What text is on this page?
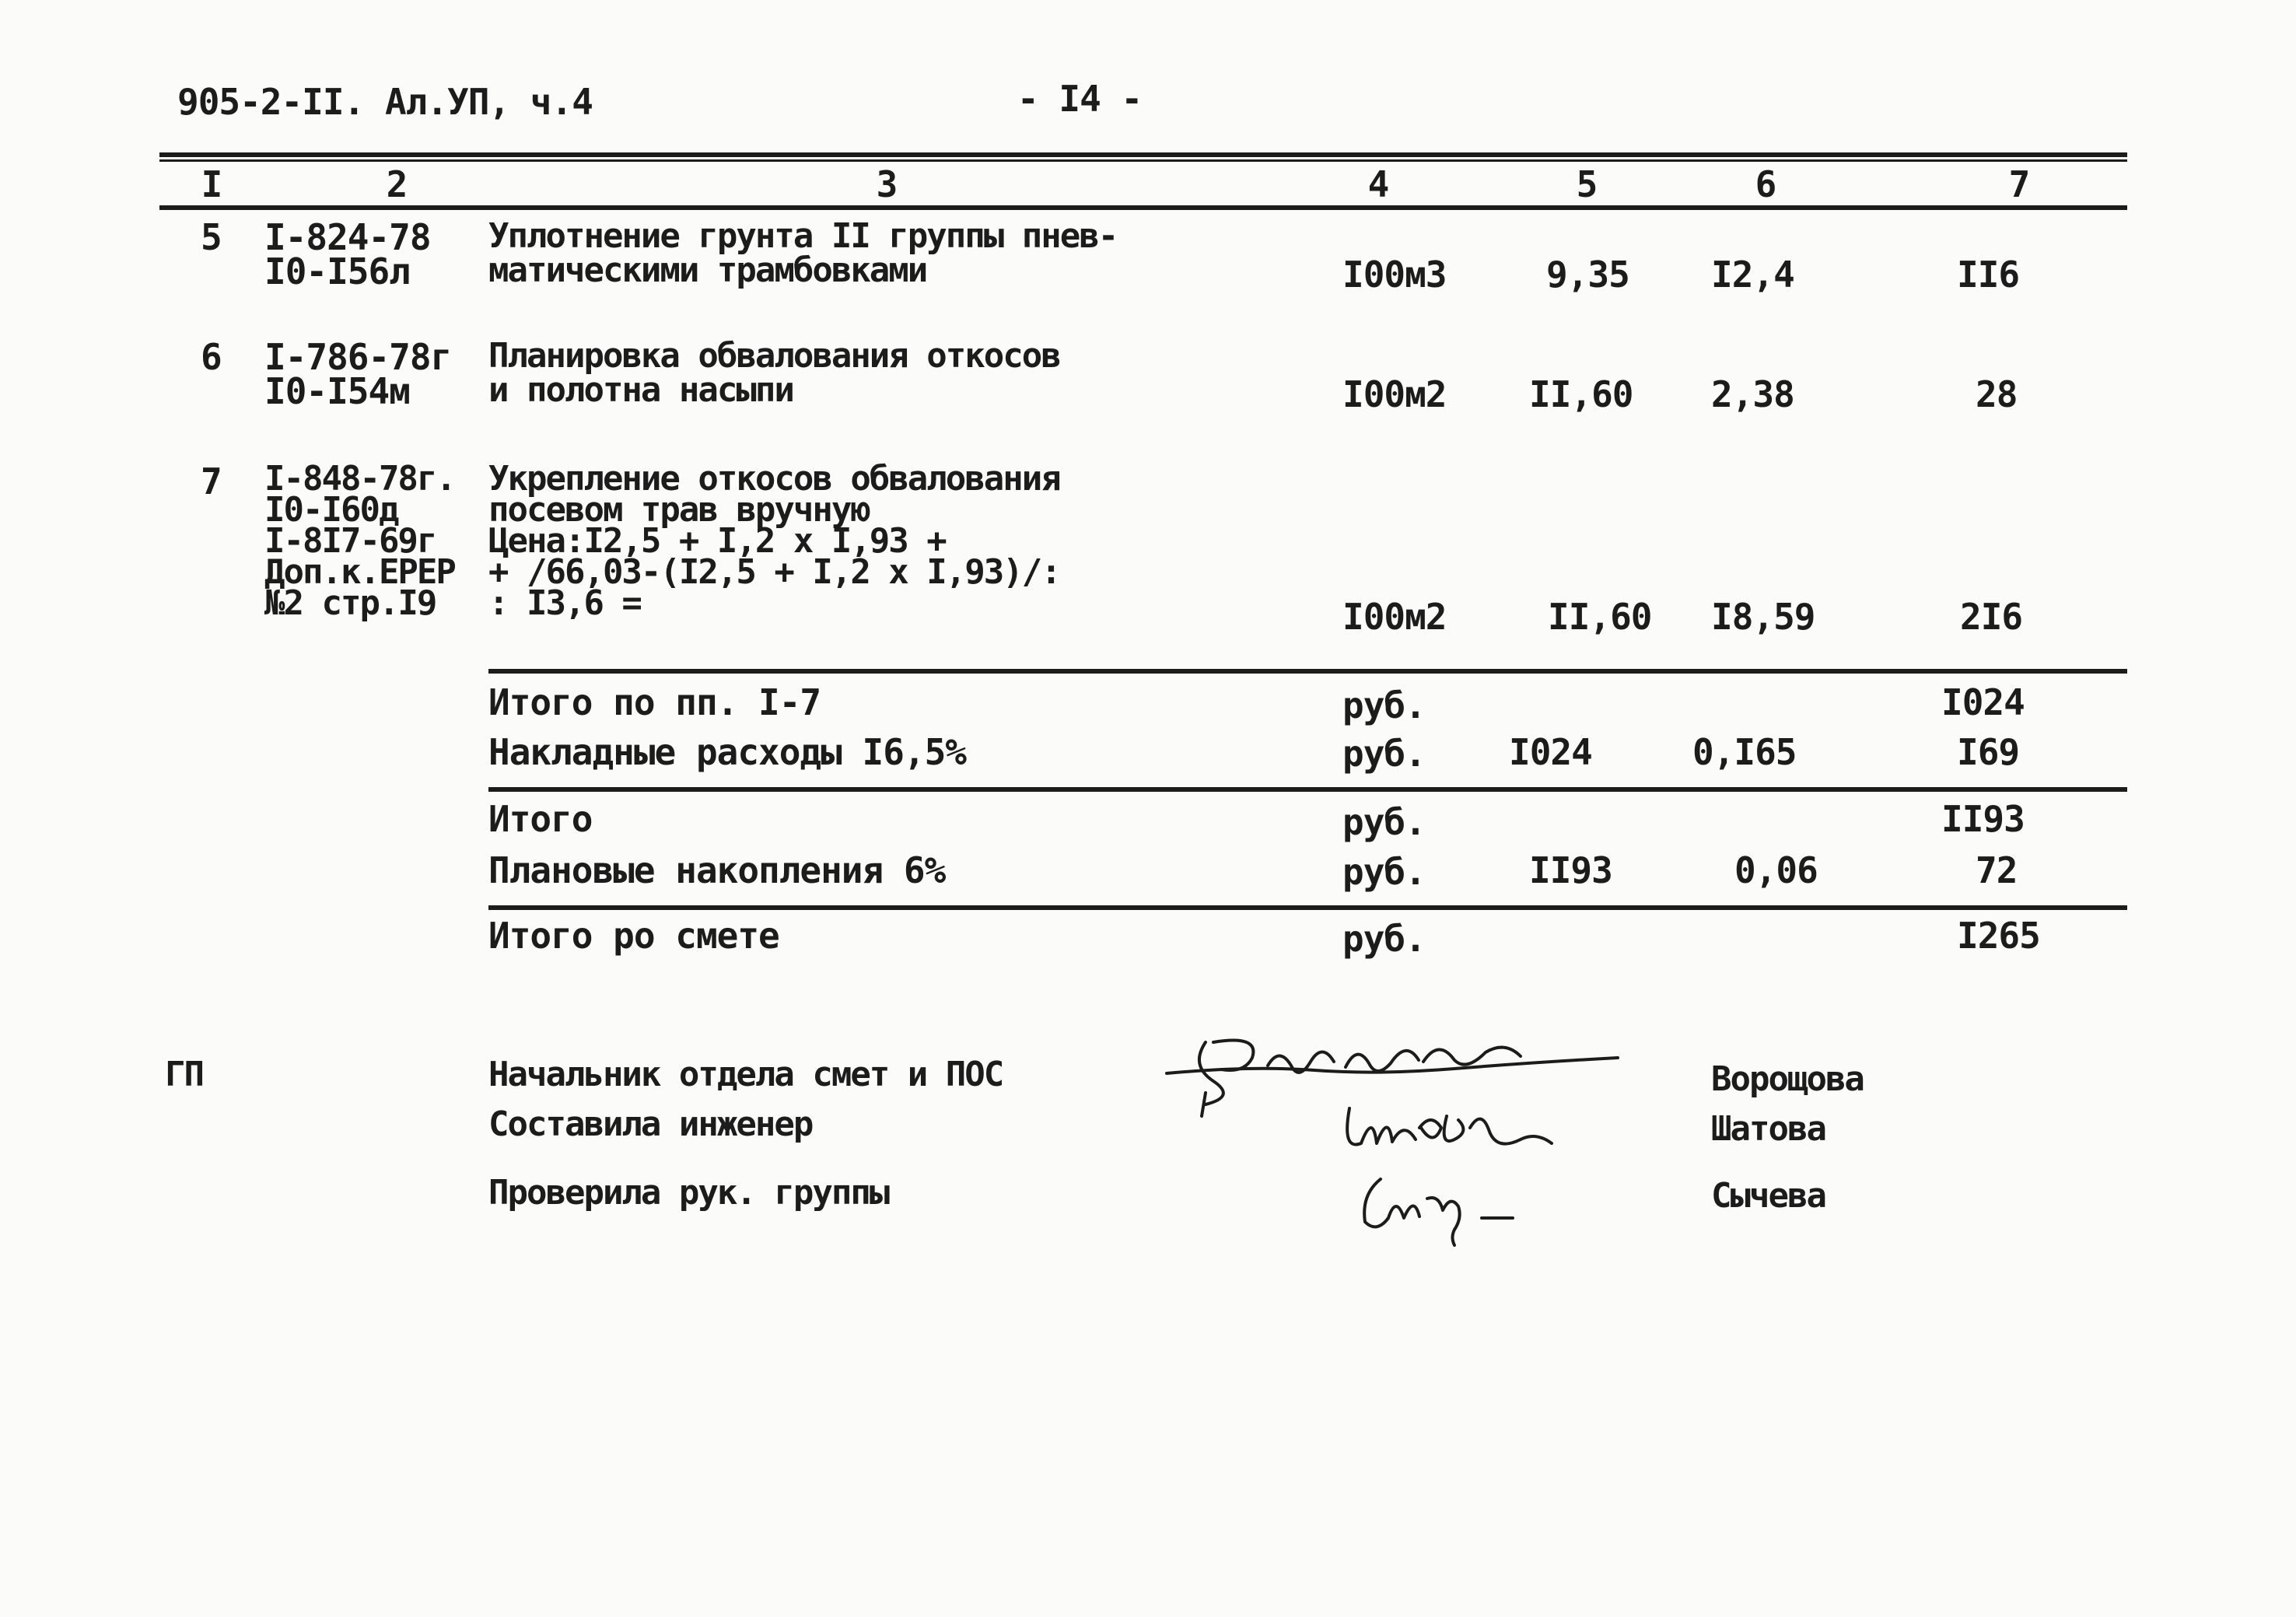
905-2-II. Ал.УП, ч.4	- I4 -
I	2	3	4	5	6	7
5 I-824-78
I0-I56л
Уплотнение грунта II группы пнев-
матическими трамбовками	I00м3	9,35 I2,4	II6
6 I-786-78г
I0-I54м
Планировка обвалования откосов
и полотна насыпи	I00м2 II,60 2,38	28
7 I-848-78г.
I0-I60д
I-8I7-69г
Доп.к.ЕРЕР
№2 стр.I9
Укрепление откосов обвалования
посевом трав вручную
Цена:I2,5 + I,2 x I,93 +
+ /66,03-(I2,5 + I,2 x I,93)/:
: I3,6 =	I00м2	II,60 I8,59	2I6
Итого по пп. I-7	руб.	I024
Накладные расходы I6,5%	руб. I024	0,I65	I69
Итого	руб.	II93
Плановые накопления 6%	руб.	II93	0,06	72
Итого ро смете	руб.	I265
ГП	Начальник отдела смет и ПОС
Составила инженер
Проверила рук. группы
Ворощова
Шатова
Сычева
